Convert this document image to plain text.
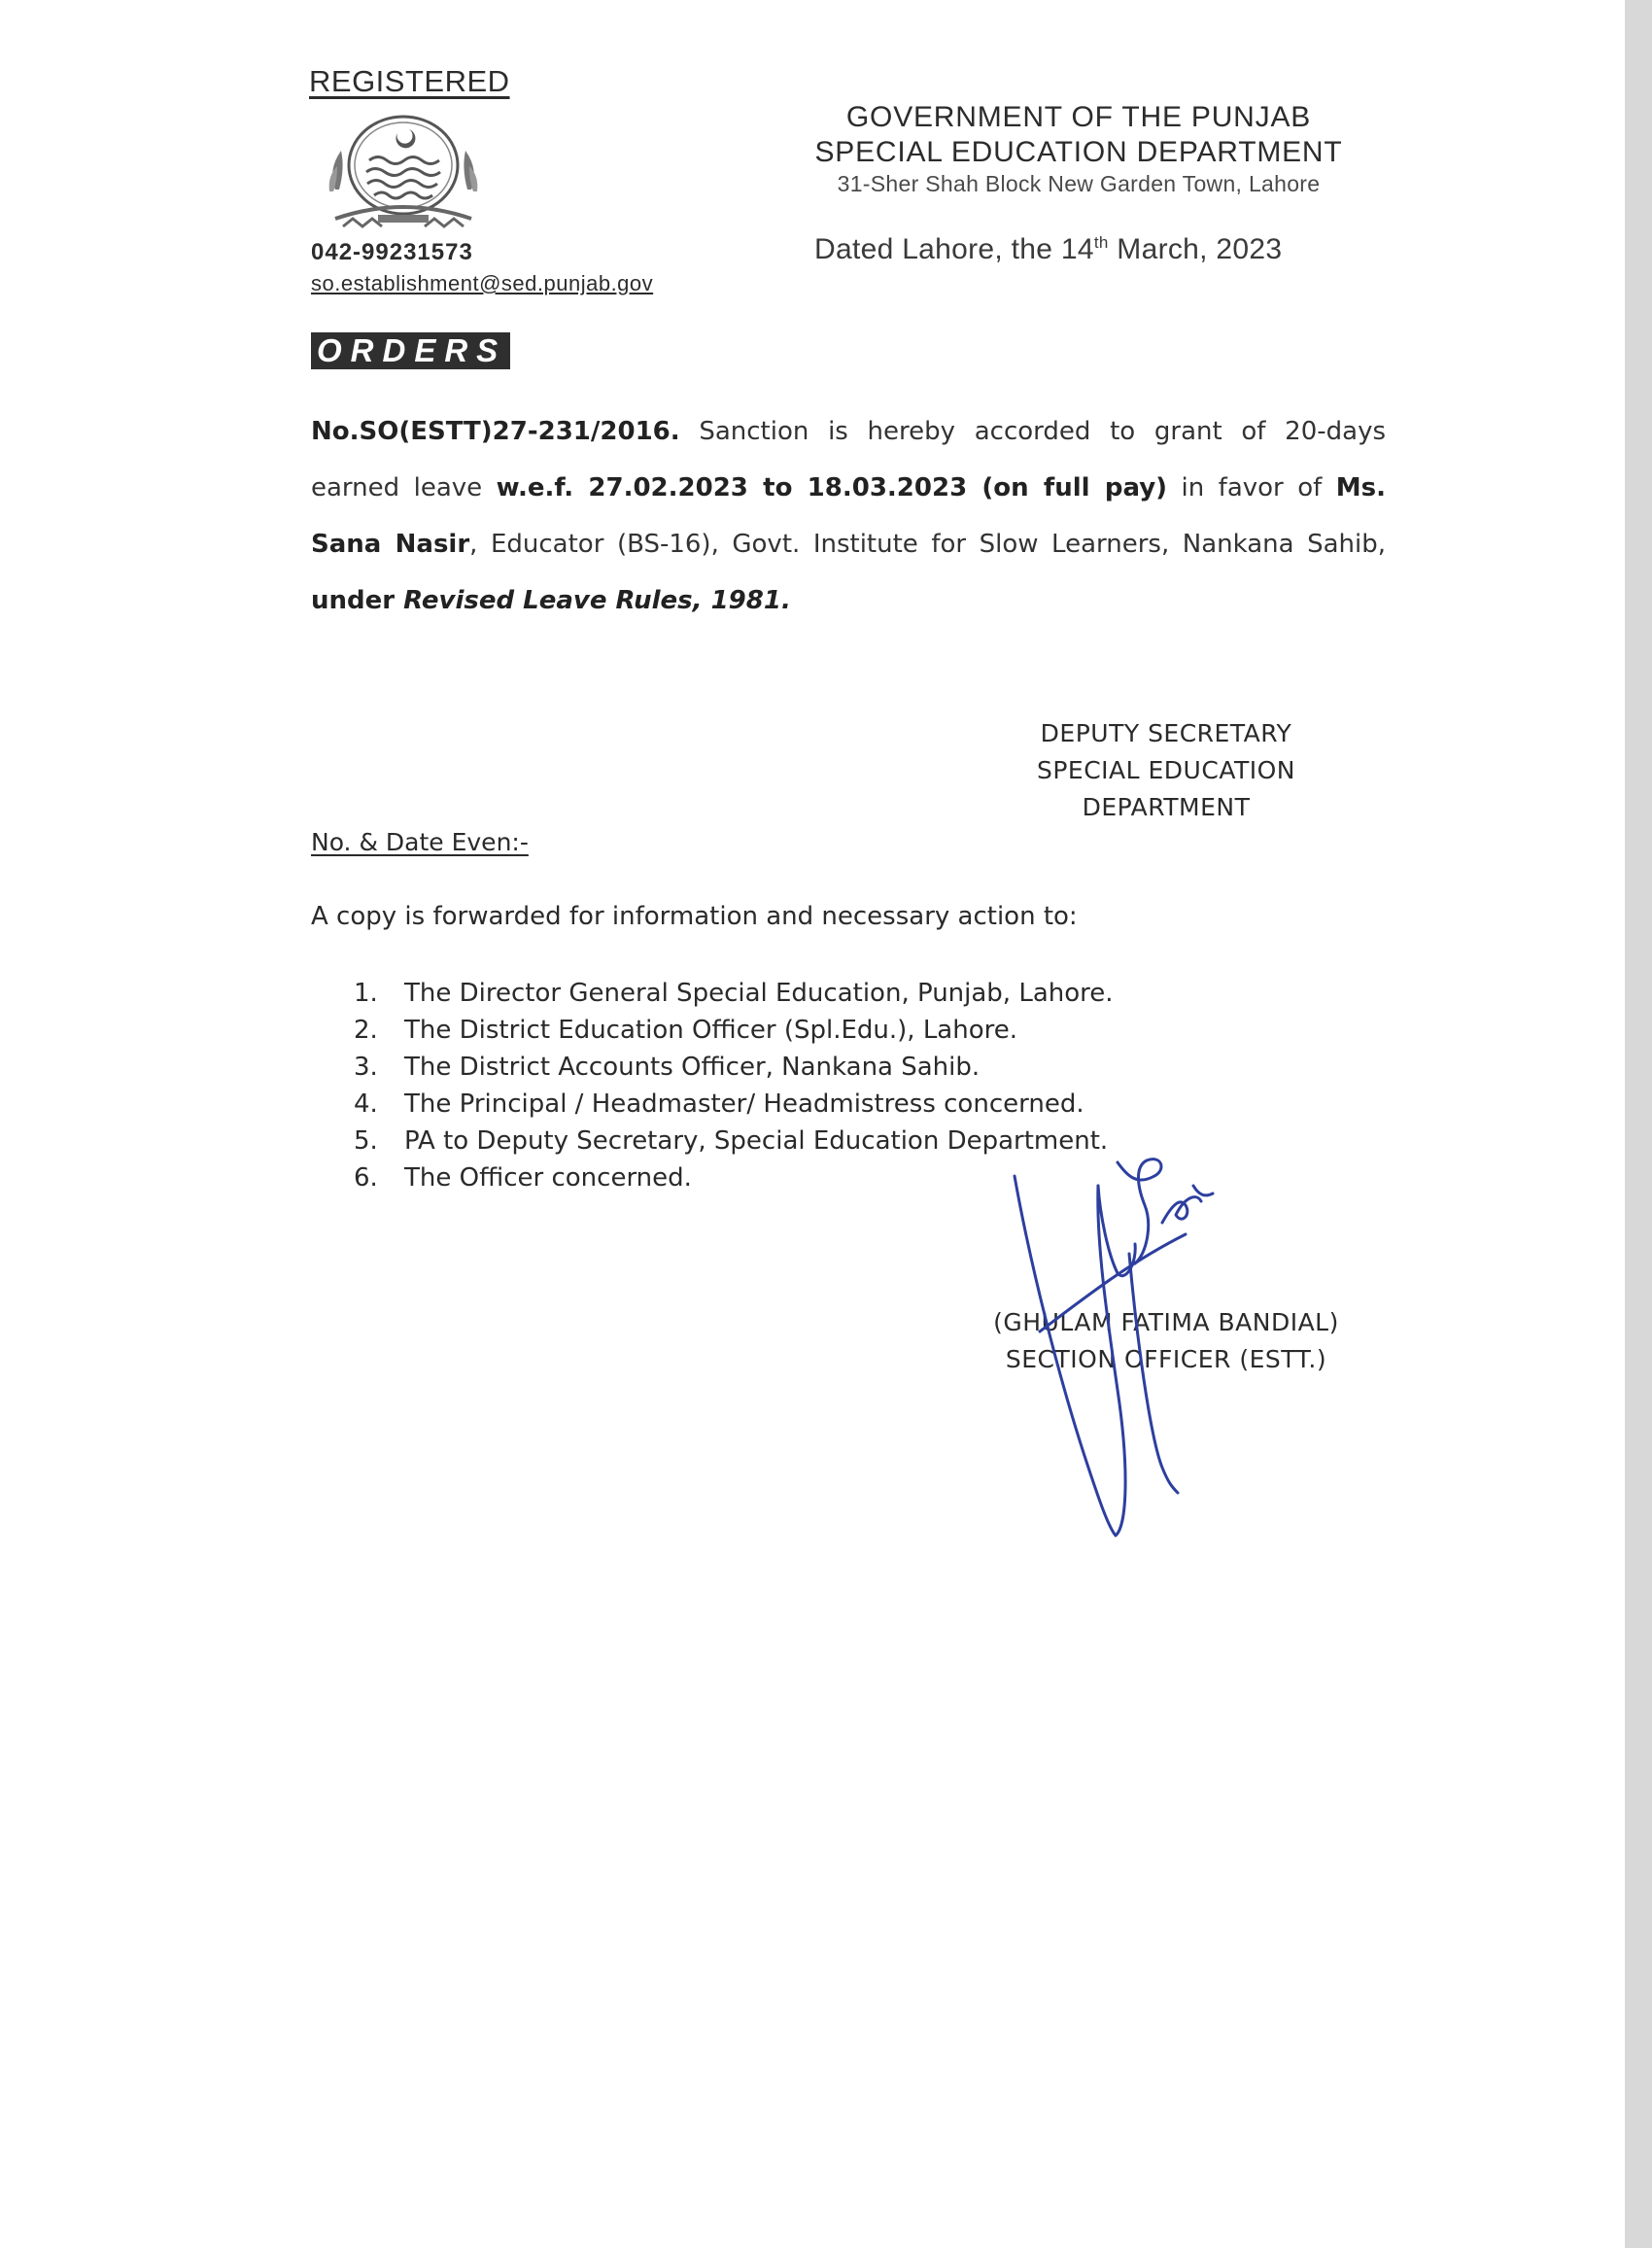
REGISTERED
042-99231573
so.establishment@sed.punjab.gov
GOVERNMENT OF THE PUNJAB
SPECIAL EDUCATION DEPARTMENT
31-Sher Shah Block New Garden Town, Lahore
Dated Lahore, the 14th March, 2023
ORDERS
No.SO(ESTT)27-231/2016. Sanction is hereby accorded to grant of 20-days earned leave w.e.f. 27.02.2023 to 18.03.2023 (on full pay) in favor of Ms. Sana Nasir, Educator (BS-16), Govt. Institute for Slow Learners, Nankana Sahib, under Revised Leave Rules, 1981.
DEPUTY SECRETARY
SPECIAL EDUCATION
DEPARTMENT
No. & Date Even:-
A copy is forwarded for information and necessary action to:
1. The Director General Special Education, Punjab, Lahore.
2. The District Education Officer (Spl.Edu.), Lahore.
3. The District Accounts Officer, Nankana Sahib.
4. The Principal / Headmaster/ Headmistress concerned.
5. PA to Deputy Secretary, Special Education Department.
6. The Officer concerned.
(GHULAM FATIMA BANDIAL)
SECTION OFFICER (ESTT.)
